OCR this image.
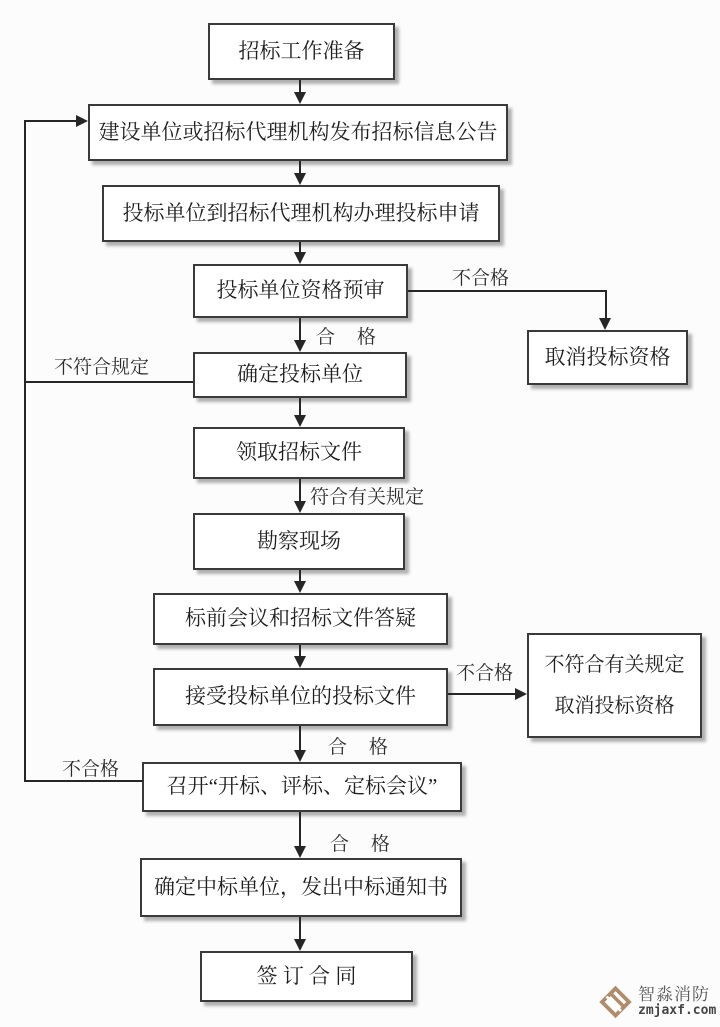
招标工作准备
建设单位或招标代理机构发布招标信息公告
投标单位到招标代理机构办理投标申请
投标单位资格预审
取消投标资格
确定投标单位
领取招标文件
勘察现场
标前会议和招标文件答疑
接受投标单位的投标文件
不符合有关规定
取消投标资格
召开“开标、评标、定标会议”
确定中标单位，发出中标通知书
签 订 合 同
不合格
合 格
不符合规定
符合有关规定
不合格
合 格
不合格
合 格
智淼消防
zmjaxf.com
